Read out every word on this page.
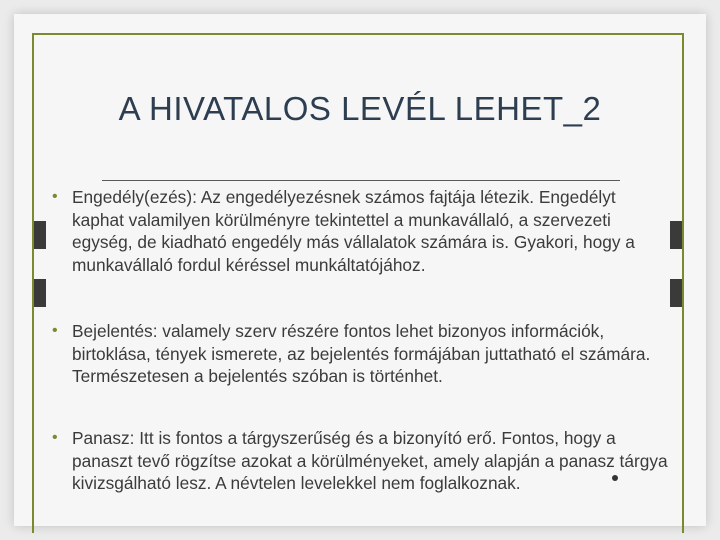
A HIVATALOS LEVÉL LEHET_2
• Engedély(ezés): Az engedélyezésnek számos fajtája létezik. Engedélyt kaphat valamilyen körülményre tekintettel a munkavállaló, a szervezeti egység, de kiadható engedély más vállalatok számára is. Gyakori, hogy a munkavállaló fordul kéréssel munkáltatójához.
• Bejelentés: valamely szerv részére fontos lehet bizonyos információk, birtoklása, tények ismerete, az bejelentés formájában juttatható el számára. Természetesen a bejelentés szóban is történhet.
• Panasz: Itt is fontos a tárgyszerűség és a bizonyító erő. Fontos, hogy a panaszt tevő rögzítse azokat a körülményeket, amely alapján a panasz tárgya kivizsgálható lesz. A névtelen levelekkel nem foglalkoznak.
